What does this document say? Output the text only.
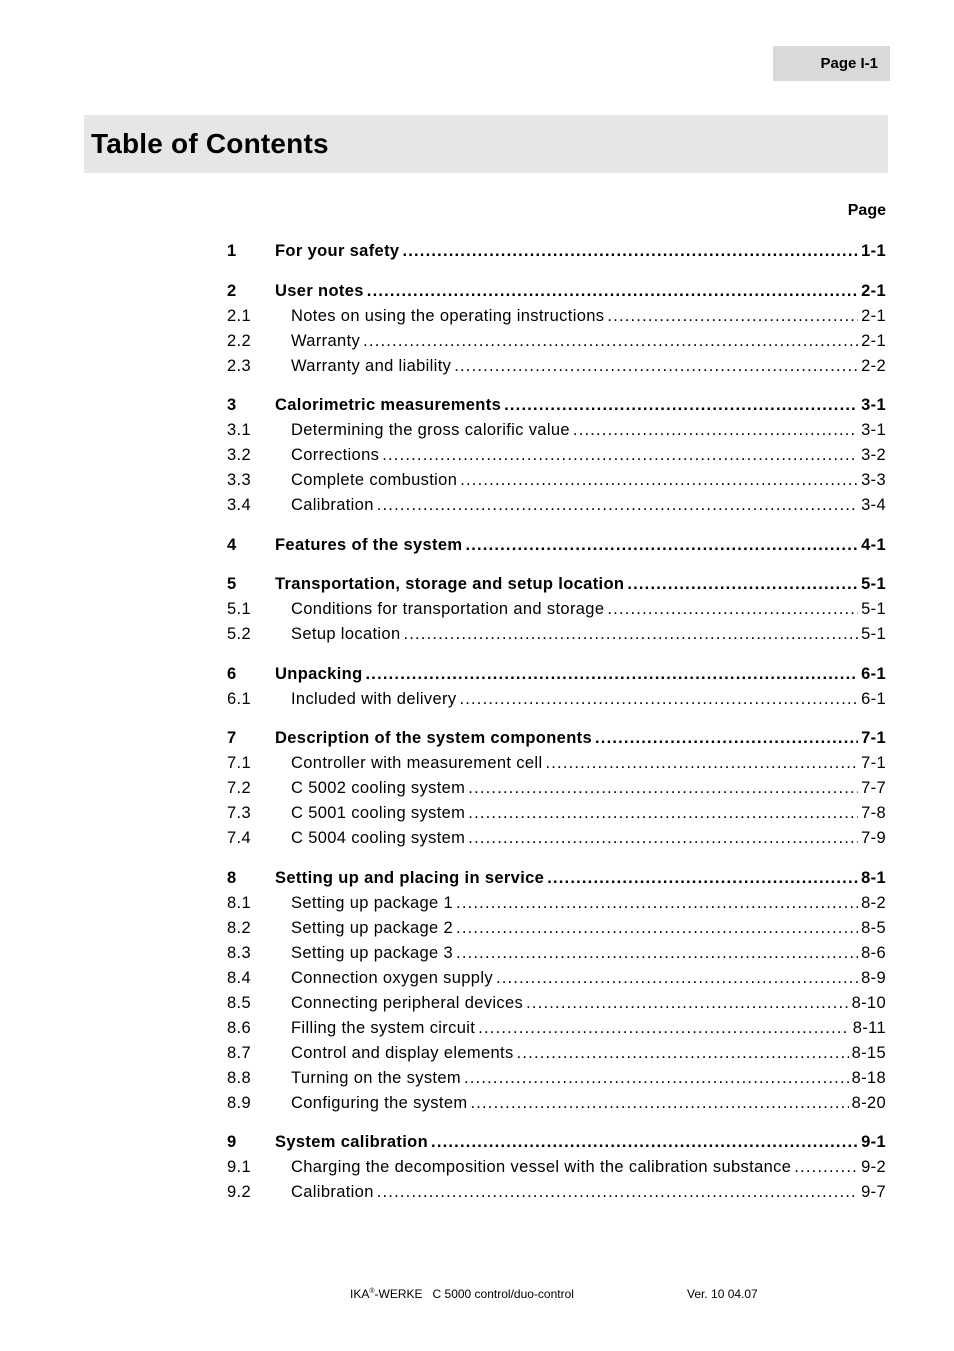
Page I-1
Table of Contents
Page
1	For your safety .....	1-1
2	User notes .....	2-1
2.1	Notes on using the operating instructions .....	2-1
2.2	Warranty .....	2-1
2.3	Warranty and liability .....	2-2
3	Calorimetric measurements .....	3-1
3.1	Determining the gross calorific value .....	3-1
3.2	Corrections .....	3-2
3.3	Complete combustion .....	3-3
3.4	Calibration .....	3-4
4	Features of the system .....	4-1
5	Transportation, storage and setup location .....	5-1
5.1	Conditions for transportation and storage .....	5-1
5.2	Setup location .....	5-1
6	Unpacking .....	6-1
6.1	Included with delivery .....	6-1
7	Description of the system components .....	7-1
7.1	Controller with measurement cell .....	7-1
7.2	C 5002 cooling system .....	7-7
7.3	C 5001 cooling system .....	7-8
7.4	C 5004 cooling system .....	7-9
8	Setting up and placing in service .....	8-1
8.1	Setting up package 1 .....	8-2
8.2	Setting up package 2 .....	8-5
8.3	Setting up package 3 .....	8-6
8.4	Connection oxygen supply .....	8-9
8.5	Connecting peripheral devices .....	8-10
8.6	Filling the system circuit .....	8-11
8.7	Control and display elements .....	8-15
8.8	Turning on the system .....	8-18
8.9	Configuring the system .....	8-20
9	System calibration .....	9-1
9.1	Charging the decomposition vessel with the calibration substance .....	9-2
9.2	Calibration .....	9-7
IKA®-WERKE C 5000 control/duo-control	Ver. 10 04.07
